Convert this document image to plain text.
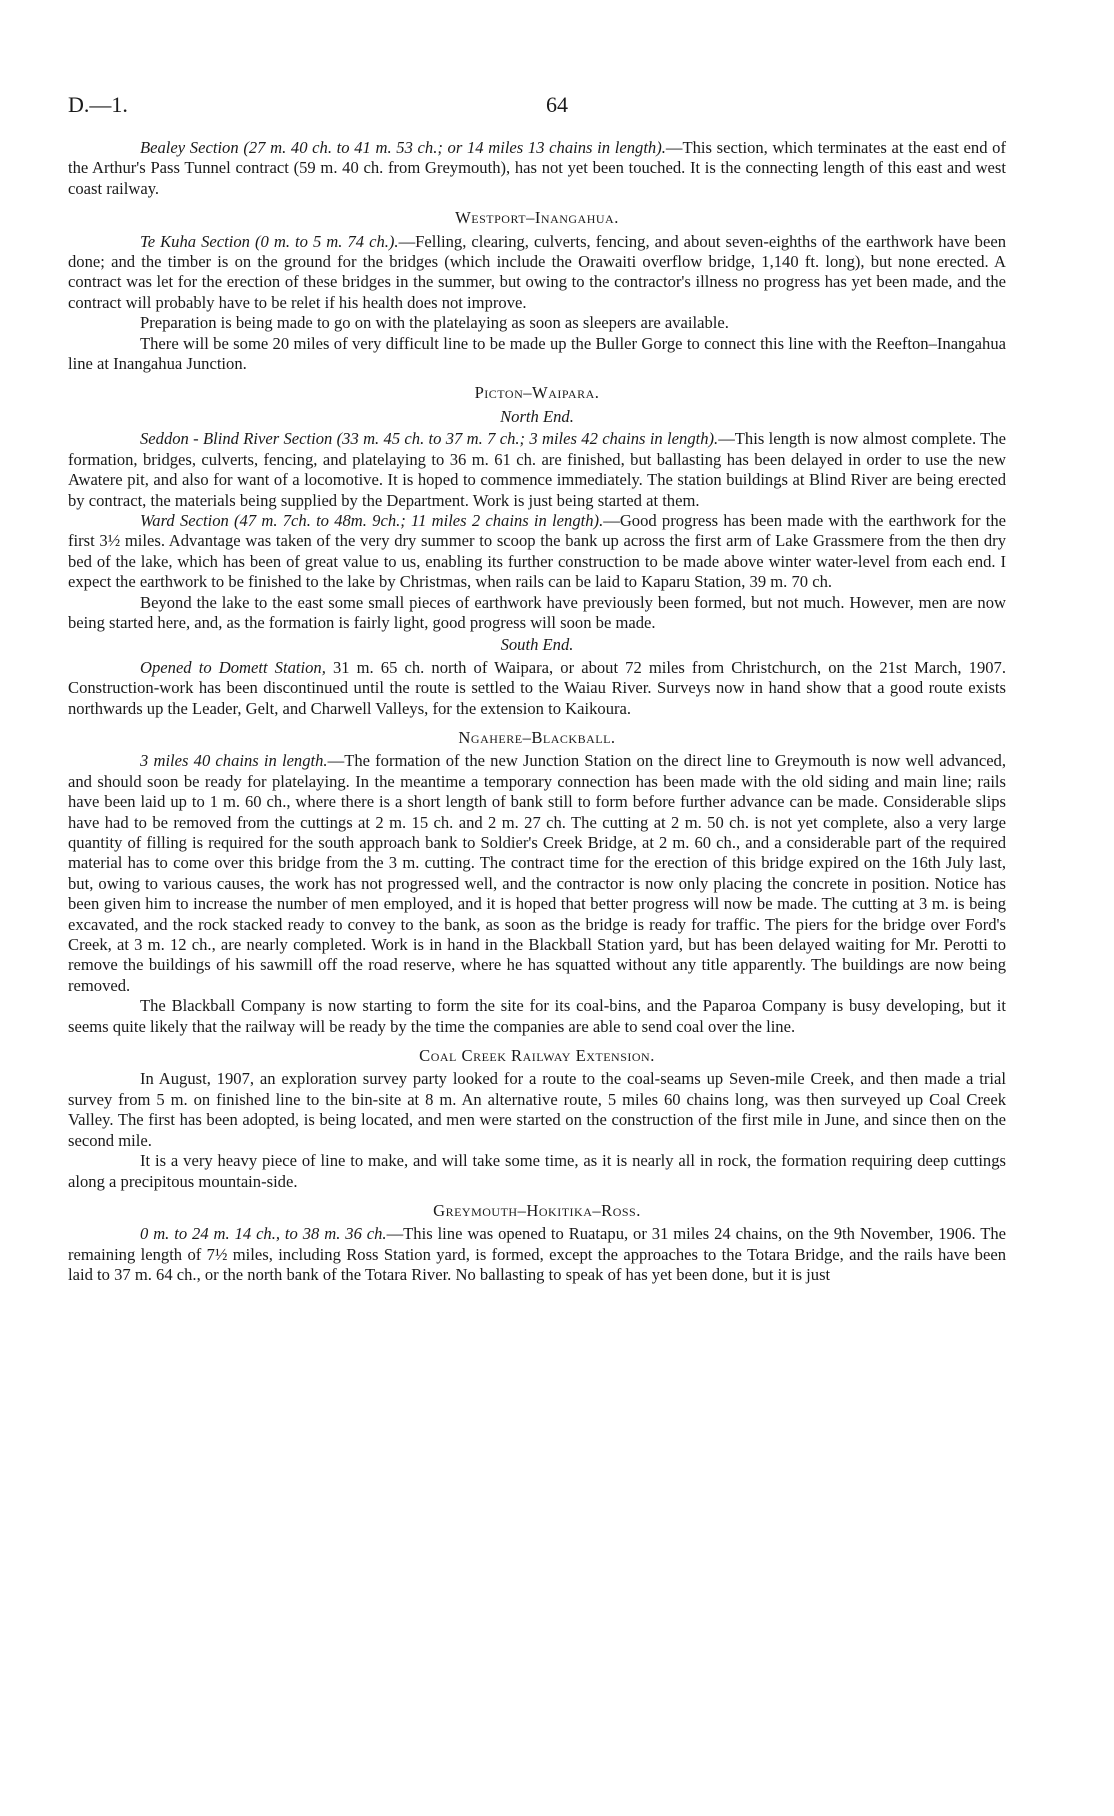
D.—1.	64

Bealey Section (27 m. 40 ch. to 41 m. 53 ch.; or 14 miles 13 chains in length).—This section, which terminates at the east end of the Arthur's Pass Tunnel contract (59 m. 40 ch. from Greymouth), has not yet been touched. It is the connecting length of this east and west coast railway.

Westport–Inangahua.

Te Kuha Section (0 m. to 5 m. 74 ch.).—Felling, clearing, culverts, fencing, and about seven-eighths of the earthwork have been done; and the timber is on the ground for the bridges (which include the Orawaiti overflow bridge, 1,140 ft. long), but none erected. A contract was let for the erection of these bridges in the summer, but owing to the contractor's illness no progress has yet been made, and the contract will probably have to be relet if his health does not improve.

Preparation is being made to go on with the platelaying as soon as sleepers are available.

There will be some 20 miles of very difficult line to be made up the Buller Gorge to connect this line with the Reefton–Inangahua line at Inangahua Junction.

Picton–Waipara.
North End.

Seddon - Blind River Section (33 m. 45 ch. to 37 m. 7 ch.; 3 miles 42 chains in length).—This length is now almost complete. The formation, bridges, culverts, fencing, and platelaying to 36 m. 61 ch. are finished, but ballasting has been delayed in order to use the new Awatere pit, and also for want of a locomotive. It is hoped to commence immediately. The station buildings at Blind River are being erected by contract, the materials being supplied by the Department. Work is just being started at them.

Ward Section (47 m. 7ch. to 48m. 9ch.; 11 miles 2 chains in length).—Good progress has been made with the earthwork for the first 3½ miles. Advantage was taken of the very dry summer to scoop the bank up across the first arm of Lake Grassmere from the then dry bed of the lake, which has been of great value to us, enabling its further construction to be made above winter water-level from each end. I expect the earthwork to be finished to the lake by Christmas, when rails can be laid to Kaparu Station, 39 m. 70 ch.

Beyond the lake to the east some small pieces of earthwork have previously been formed, but not much. However, men are now being started here, and, as the formation is fairly light, good progress will soon be made.

South End.

Opened to Domett Station, 31 m. 65 ch. north of Waipara, or about 72 miles from Christchurch, on the 21st March, 1907. Construction-work has been discontinued until the route is settled to the Waiau River. Surveys now in hand show that a good route exists northwards up the Leader, Gelt, and Charwell Valleys, for the extension to Kaikoura.

Ngahere–Blackball.

3 miles 40 chains in length.—The formation of the new Junction Station on the direct line to Greymouth is now well advanced, and should soon be ready for platelaying. In the meantime a temporary connection has been made with the old siding and main line; rails have been laid up to 1 m. 60 ch., where there is a short length of bank still to form before further advance can be made. Considerable slips have had to be removed from the cuttings at 2 m. 15 ch. and 2 m. 27 ch. The cutting at 2 m. 50 ch. is not yet complete, also a very large quantity of filling is required for the south approach bank to Soldier's Creek Bridge, at 2 m. 60 ch., and a considerable part of the required material has to come over this bridge from the 3 m. cutting. The contract time for the erection of this bridge expired on the 16th July last, but, owing to various causes, the work has not progressed well, and the contractor is now only placing the concrete in position. Notice has been given him to increase the number of men employed, and it is hoped that better progress will now be made. The cutting at 3 m. is being excavated, and the rock stacked ready to convey to the bank, as soon as the bridge is ready for traffic. The piers for the bridge over Ford's Creek, at 3 m. 12 ch., are nearly completed. Work is in hand in the Blackball Station yard, but has been delayed waiting for Mr. Perotti to remove the buildings of his sawmill off the road reserve, where he has squatted without any title apparently. The buildings are now being removed.

The Blackball Company is now starting to form the site for its coal-bins, and the Paparoa Company is busy developing, but it seems quite likely that the railway will be ready by the time the companies are able to send coal over the line.

Coal Creek Railway Extension.

In August, 1907, an exploration survey party looked for a route to the coal-seams up Seven-mile Creek, and then made a trial survey from 5 m. on finished line to the bin-site at 8 m. An alternative route, 5 miles 60 chains long, was then surveyed up Coal Creek Valley. The first has been adopted, is being located, and men were started on the construction of the first mile in June, and since then on the second mile.

It is a very heavy piece of line to make, and will take some time, as it is nearly all in rock, the formation requiring deep cuttings along a precipitous mountain-side.

Greymouth–Hokitika–Ross.

0 m. to 24 m. 14 ch., to 38 m. 36 ch.—This line was opened to Ruatapu, or 31 miles 24 chains, on the 9th November, 1906. The remaining length of 7½ miles, including Ross Station yard, is formed, except the approaches to the Totara Bridge, and the rails have been laid to 37 m. 64 ch., or the north bank of the Totara River. No ballasting to speak of has yet been done, but it is just
